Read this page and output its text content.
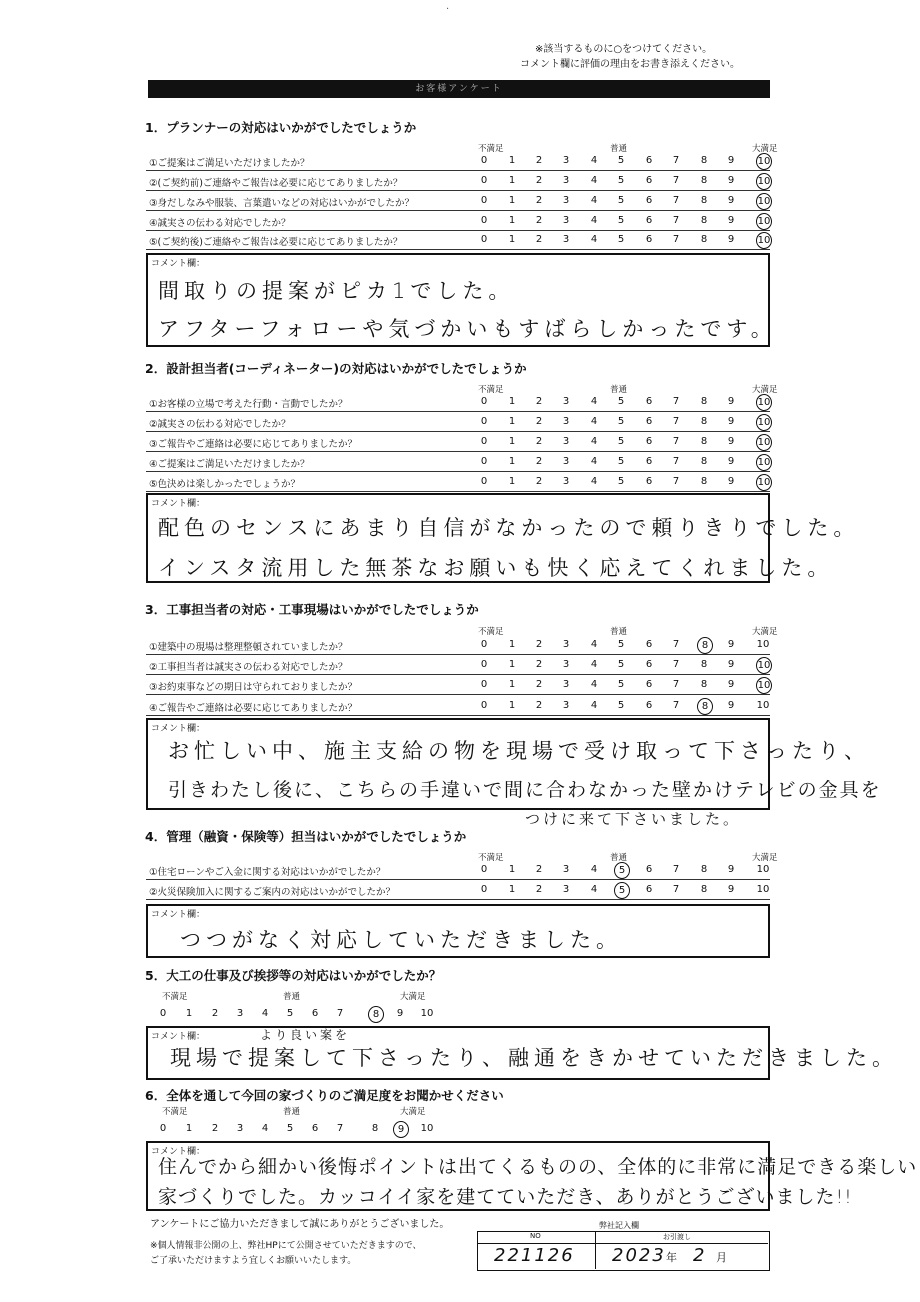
·
※該当するものに○をつけてください。
コメント欄に評価の理由をお書き添えください。
お客様アンケート
1．プランナーの対応はいかがでしたでしょうか
不満足	普通	大満足
①ご提案はご満足いただけましたか？	0	1	2	3	4	5	6	7	8	9	10
②(ご契約前)ご連絡やご報告は必要に応じてありましたか？	0	1	2	3	4	5	6	7	8	9	10
③身だしなみや服装、言葉遣いなどの対応はいかがでしたか？	0	1	2	3	4	5	6	7	8	9	10
④誠実さの伝わる対応でしたか？	0	1	2	3	4	5	6	7	8	9	10
⑤(ご契約後)ご連絡やご報告は必要に応じてありましたか？	0	1	2	3	4	5	6	7	8	9	10
コメント欄：
間取りの提案がピカ1でした。
アフターフォローや気づかいもすばらしかったです。
2．設計担当者(コーディネーター)の対応はいかがでしたでしょうか
不満足	普通	大満足
①お客様の立場で考えた行動・言動でしたか？	0	1	2	3	4	5	6	7	8	9	10
②誠実さの伝わる対応でしたか？	0	1	2	3	4	5	6	7	8	9	10
③ご報告やご連絡は必要に応じてありましたか？	0	1	2	3	4	5	6	7	8	9	10
④ご提案はご満足いただけましたか？	0	1	2	3	4	5	6	7	8	9	10
⑤色決めは楽しかったでしょうか？	0	1	2	3	4	5	6	7	8	9	10
コメント欄：
配色のセンスにあまり自信がなかったので頼りきりでした。
インスタ流用した無茶なお願いも快く応えてくれました。
3．工事担当者の対応・工事現場はいかがでしたでしょうか
不満足	普通	大満足
①建築中の現場は整理整頓されていましたか？	0	1	2	3	4	5	6	7	8	9	10
②工事担当者は誠実さの伝わる対応でしたか？	0	1	2	3	4	5	6	7	8	9	10
③お約束事などの期日は守られておりましたか？	0	1	2	3	4	5	6	7	8	9	10
④ご報告やご連絡は必要に応じてありましたか？	0	1	2	3	4	5	6	7	8	9	10
コメント欄：
お忙しい中、施主支給の物を現場で受け取って下さったり、
引きわたし後に、こちらの手違いで間に合わなかった壁かけテレビの金具を
つけに来て下さいました。
4．管理（融資・保険等）担当はいかがでしたでしょうか
不満足	普通	大満足
①住宅ローンやご入金に関する対応はいかがでしたか？	0	1	2	3	4	5	6	7	8	9	10
②火災保険加入に関するご案内の対応はいかがでしたか？	0	1	2	3	4	5	6	7	8	9	10
コメント欄：
つつがなく対応していただきました。
5．大工の仕事及び挨拶等の対応はいかがでしたか？
不満足	普通	大満足
0	1	2	3	4	5	6	7	8	9	10
コメント欄：	より良い案を
現場で提案して下さったり、融通をきかせていただきました。
6．全体を通して今回の家づくりのご満足度をお聞かせください
不満足	普通	大満足
0	1	2	3	4	5	6	7	8	9	10
コメント欄：
住んでから細かい後悔ポイントは出てくるものの、全体的に非常に満足できる楽しい
家づくりでした。カッコイイ家を建てていただき、ありがとうございました!!
アンケートにご協力いただきまして誠にありがとうございました。
※個人情報非公開の上、弊社HPにて公開させていただきますので、
ご了承いただけますよう宜しくお願いいたします。
弊社記入欄
NO
221126
お引渡し
2023 年 2 月
